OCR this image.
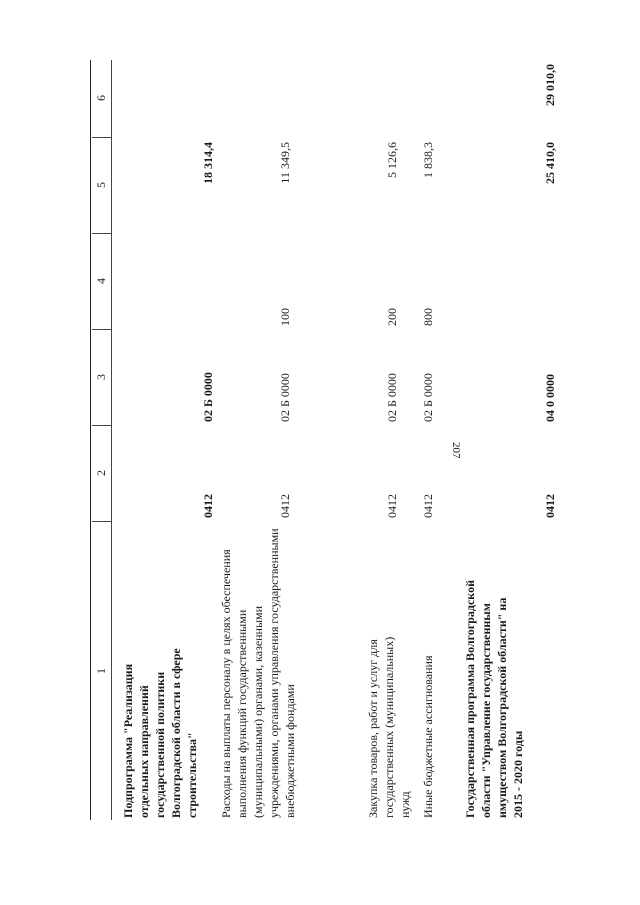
207
1
2
3
4
5
6
Подпрограмма "Реализация отдельных направлений государственной политики Волгоградской области в сфере строительства"
0412
02 Б 0000
18 314,4
Расходы на выплаты персоналу в целях обеспечения выполнения функций государственными (муниципальными) органами, казенными учреждениями, органами управления государственными внебюджетными фондами
0412
02 Б 0000
100
11 349,5
Закупка товаров, работ и услуг для государственных (муниципальных) нужд
0412
02 Б 0000
200
5 126,6
Иные бюджетные ассигнования
0412
02 Б 0000
800
1 838,3
Государственная программа Волгоградской области "Управление государственным имуществом Волгоградской области" на 2015 - 2020 годы
0412
04 0 0000
25 410,0
29 010,0
